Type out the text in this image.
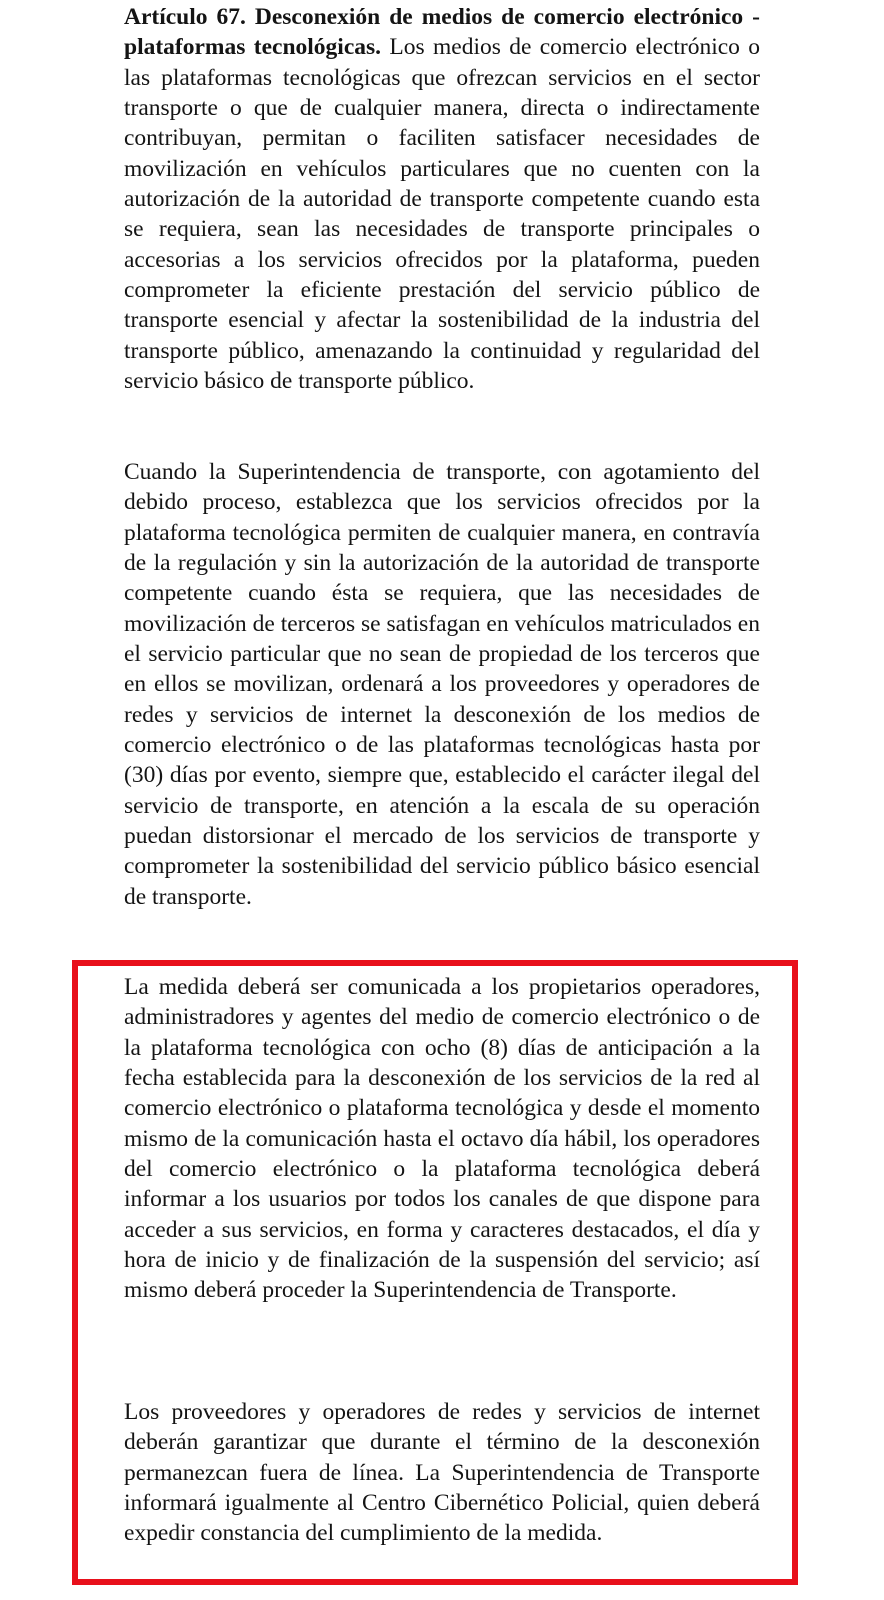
Artículo 67. Desconexión de medios de comercio electrónico - plataformas tecnológicas. Los medios de comercio electrónico o las plataformas tecnológicas que ofrezcan servicios en el sector transporte o que de cualquier manera, directa o indirectamente contribuyan, permitan o faciliten satisfacer necesidades de movilización en vehículos particulares que no cuenten con la autorización de la autoridad de transporte competente cuando esta se requiera, sean las necesidades de transporte principales o accesorias a los servicios ofrecidos por la plataforma, pueden comprometer la eficiente prestación del servicio público de transporte esencial y afectar la sostenibilidad de la industria del transporte público, amenazando la continuidad y regularidad del servicio básico de transporte público.

Cuando la Superintendencia de transporte, con agotamiento del debido proceso, establezca que los servicios ofrecidos por la plataforma tecnológica permiten de cualquier manera, en contravía de la regulación y sin la autorización de la autoridad de transporte competente cuando ésta se requiera, que las necesidades de movilización de terceros se satisfagan en vehículos matriculados en el servicio particular que no sean de propiedad de los terceros que en ellos se movilizan, ordenará a los proveedores y operadores de redes y servicios de internet la desconexión de los medios de comercio electrónico o de las plataformas tecnológicas hasta por (30) días por evento, siempre que, establecido el carácter ilegal del servicio de transporte, en atención a la escala de su operación puedan distorsionar el mercado de los servicios de transporte y comprometer la sostenibilidad del servicio público básico esencial de transporte.

La medida deberá ser comunicada a los propietarios operadores, administradores y agentes del medio de comercio electrónico o de la plataforma tecnológica con ocho (8) días de anticipación a la fecha establecida para la desconexión de los servicios de la red al comercio electrónico o plataforma tecnológica y desde el momento mismo de la comunicación hasta el octavo día hábil, los operadores del comercio electrónico o la plataforma tecnológica deberá informar a los usuarios por todos los canales de que dispone para acceder a sus servicios, en forma y caracteres destacados, el día y hora de inicio y de finalización de la suspensión del servicio; así mismo deberá proceder la Superintendencia de Transporte.

Los proveedores y operadores de redes y servicios de internet deberán garantizar que durante el término de la desconexión permanezcan fuera de línea. La Superintendencia de Transporte informará igualmente al Centro Cibernético Policial, quien deberá expedir constancia del cumplimiento de la medida.
